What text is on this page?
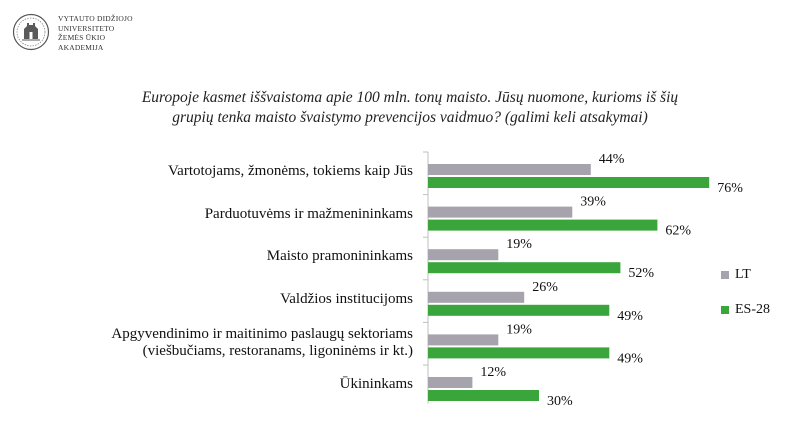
VYTAUTO DIDŽIOJO
UNIVERSITETO
ŽEMĖS ŪKIO
AKADEMIJA
Europoje kasmet iššvaistoma apie 100 mln. tonų maisto. Jūsų nuomone, kurioms iš šių
grupių tenka maisto švaistymo prevencijos vaidmuo? (galimi keli atsakymai)
44%
76%
39%
62%
19%
52%
26%
49%
19%
49%
12%
30%
Vartotojams, žmonėms, tokiems kaip Jūs
Parduotuvėms ir mažmenininkams
Maisto pramonininkams
Valdžios institucijoms
Apgyvendinimo ir maitinimo paslaugų sektoriams
(viešbučiams, restoranams, ligoninėms ir kt.)
Ūkininkams
LT
ES-28
